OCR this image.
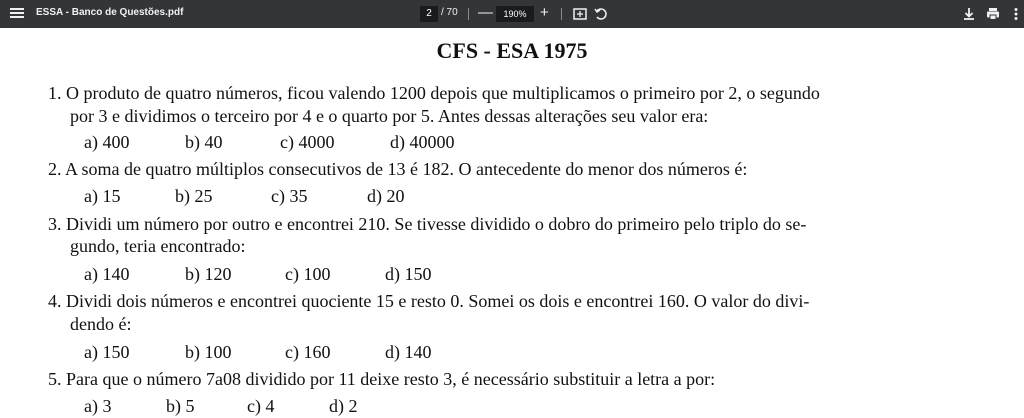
ESSA - Banco de Questões.pdf
2	/ 70 —
190%	+
CFS - ESA 1975
1. O produto de quatro números, ficou valendo 1200 depois que multiplicamos o primeiro por 2, o segundo
por 3 e dividimos o terceiro por 4 e o quarto por 5. Antes dessas alterações seu valor era:
a) 400	b) 40	c) 4000	d) 40000
2. A soma de quatro múltiplos consecutivos de 13 é 182. O antecedente do menor dos números é:
a) 15	b) 25	c) 35	d) 20
3. Dividi um número por outro e encontrei 210. Se tivesse dividido o dobro do primeiro pelo triplo do se-
gundo, teria encontrado:
a) 140	b) 120	c) 100	d) 150
4. Dividi dois números e encontrei quociente 15 e resto 0. Somei os dois e encontrei 160. O valor do divi-
dendo é:
a) 150	b) 100	c) 160	d) 140
5. Para que o número 7a08 dividido por 11 deixe resto 3, é necessário substituir a letra a por:
a) 3	b) 5	c) 4	d) 2
